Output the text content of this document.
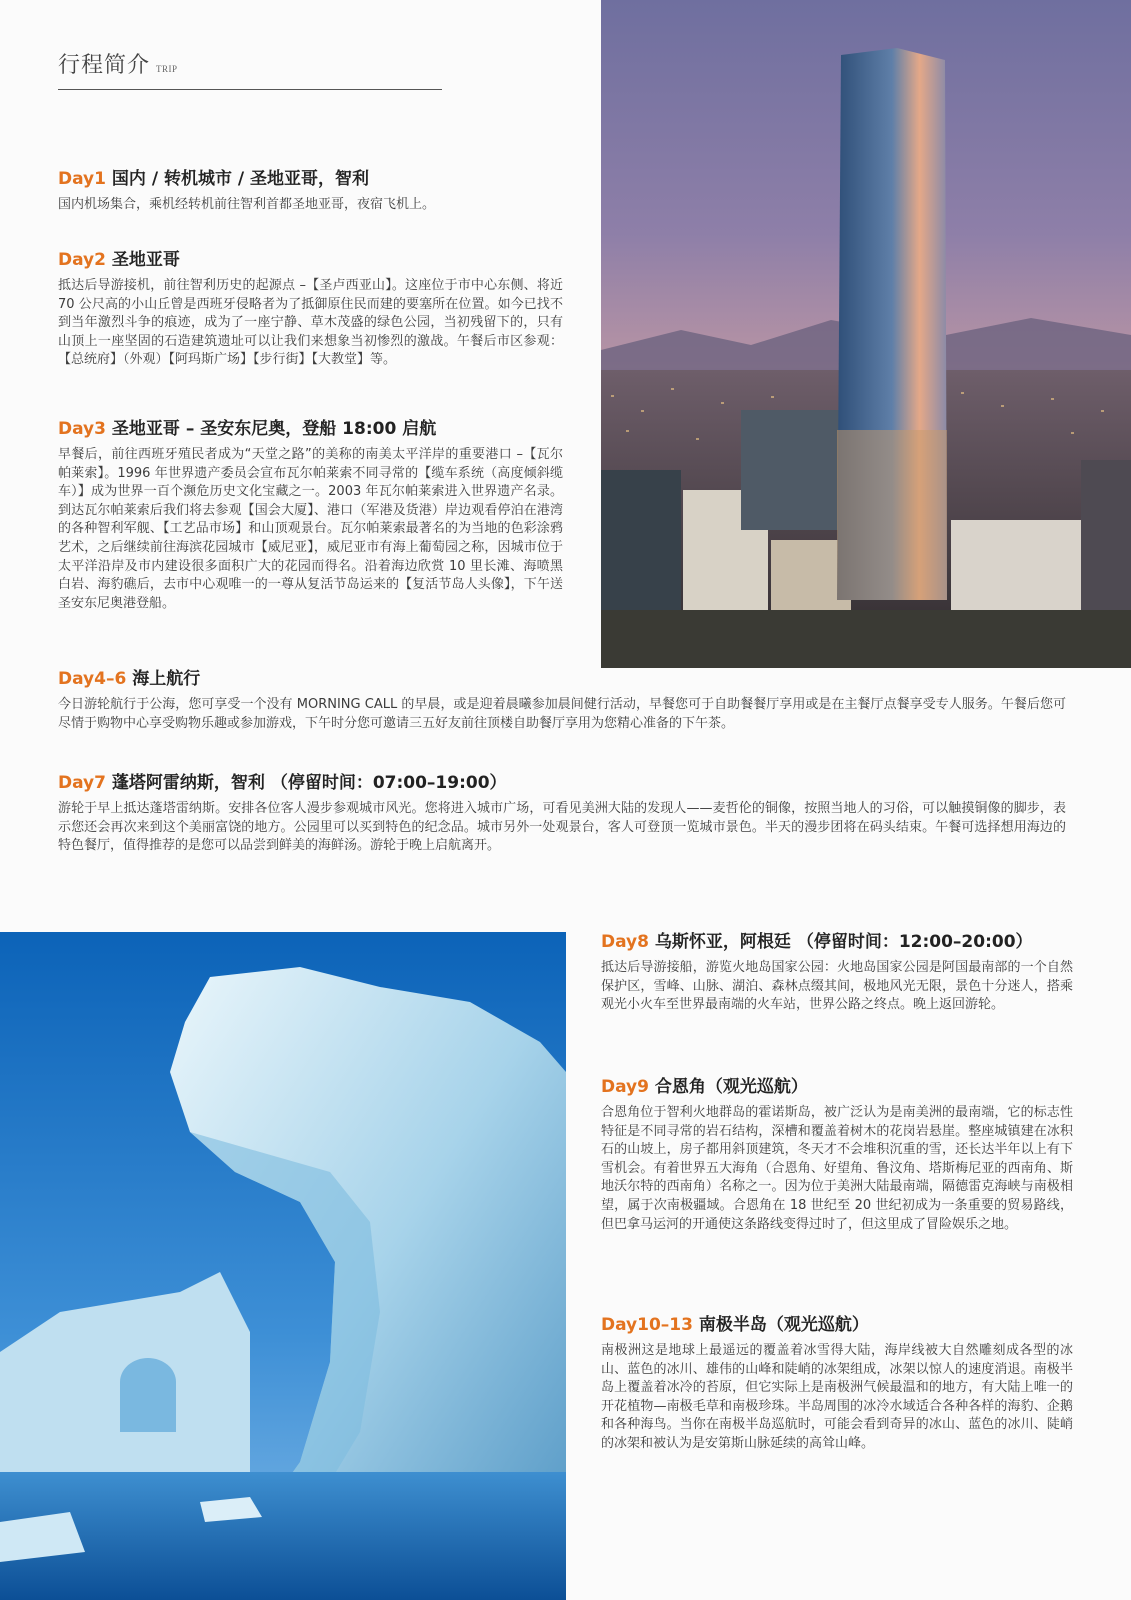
行程简介 TRIP
Day1 国内 / 转机城市 / 圣地亚哥，智利

国内机场集合，乘机经转机前往智利首都圣地亚哥，夜宿飞机上。

Day2 圣地亚哥

抵达后导游接机，前往智利历史的起源点 –【圣卢西亚山】。这座位于市中心东侧、将近 70 公尺高的小山丘曾是西班牙侵略者为了抵御原住民而建的要塞所在位置。如今已找不到当年激烈斗争的痕迹，成为了一座宁静、草木茂盛的绿色公园，当初残留下的，只有山顶上一座坚固的石造建筑遗址可以让我们来想象当初惨烈的激战。午餐后市区参观：【总统府】（外观）【阿玛斯广场】【步行街】【大教堂】等。

Day3 圣地亚哥 – 圣安东尼奥，登船 18:00 启航

早餐后，前往西班牙殖民者成为“天堂之路”的美称的南美太平洋岸的重要港口 –【瓦尔帕莱索】。1996 年世界遗产委员会宣布瓦尔帕莱索不同寻常的【缆车系统（高度倾斜缆车）】成为世界一百个濒危历史文化宝藏之一。2003 年瓦尔帕莱索进入世界遗产名录。到达瓦尔帕莱索后我们将去参观【国会大厦】、港口（军港及货港）岸边观看停泊在港湾的各种智利军舰、【工艺品市场】和山顶观景台。瓦尔帕莱索最著名的为当地的色彩涂鸦艺术，之后继续前往海滨花园城市【威尼亚】，威尼亚市有海上葡萄园之称，因城市位于太平洋沿岸及市内建设很多面积广大的花园而得名。沿着海边欣赏 10 里长滩、海喷黑白岩、海豹礁后，去市中心观唯一的一尊从复活节岛运来的【复活节岛人头像】，下午送圣安东尼奥港登船。

Day4–6 海上航行

今日游轮航行于公海，您可享受一个没有 MORNING CALL 的早晨，或是迎着晨曦参加晨间健行活动，早餐您可于自助餐餐厅享用或是在主餐厅点餐享受专人服务。午餐后您可尽情于购物中心享受购物乐趣或参加游戏，下午时分您可邀请三五好友前往顶楼自助餐厅享用为您精心准备的下午茶。

Day7 蓬塔阿雷纳斯，智利 （停留时间：07:00–19:00）

游轮于早上抵达蓬塔雷纳斯。安排各位客人漫步参观城市风光。您将进入城市广场，可看见美洲大陆的发现人——麦哲伦的铜像，按照当地人的习俗，可以触摸铜像的脚步，表示您还会再次来到这个美丽富饶的地方。公园里可以买到特色的纪念品。城市另外一处观景台，客人可登顶一览城市景色。半天的漫步团将在码头结束。午餐可选择想用海边的特色餐厅，值得推荐的是您可以品尝到鲜美的海鲜汤。游轮于晚上启航离开。

Day8 乌斯怀亚，阿根廷 （停留时间：12:00–20:00）

抵达后导游接船，游览火地岛国家公园：火地岛国家公园是阿国最南部的一个自然保护区，雪峰、山脉、湖泊、森林点缀其间，极地风光无限，景色十分迷人，搭乘观光小火车至世界最南端的火车站，世界公路之终点。晚上返回游轮。

Day9 合恩角（观光巡航）

合恩角位于智利火地群岛的霍诺斯岛，被广泛认为是南美洲的最南端，它的标志性特征是不同寻常的岩石结构，深槽和覆盖着树木的花岗岩悬崖。整座城镇建在冰积石的山坡上，房子都用斜顶建筑，冬天才不会堆积沉重的雪，还长达半年以上有下雪机会。有着世界五大海角（合恩角、好望角、鲁汶角、塔斯梅尼亚的西南角、斯地沃尔特的西南角）名称之一。因为位于美洲大陆最南端，隔德雷克海峡与南极相望，属于次南极疆域。合恩角在 18 世纪至 20 世纪初成为一条重要的贸易路线，但巴拿马运河的开通使这条路线变得过时了，但这里成了冒险娱乐之地。

Day10–13 南极半岛（观光巡航）

南极洲这是地球上最遥远的覆盖着冰雪得大陆，海岸线被大自然雕刻成各型的冰山、蓝色的冰川、雄伟的山峰和陡峭的冰架组成，冰架以惊人的速度消退。南极半岛上覆盖着冰冷的苔原，但它实际上是南极洲气候最温和的地方，有大陆上唯一的开花植物—南极毛草和南极珍珠。半岛周围的冰冷水域适合各种各样的海豹、企鹅和各种海鸟。当你在南极半岛巡航时，可能会看到奇异的冰山、蓝色的冰川、陡峭的冰架和被认为是安第斯山脉延续的高耸山峰。
